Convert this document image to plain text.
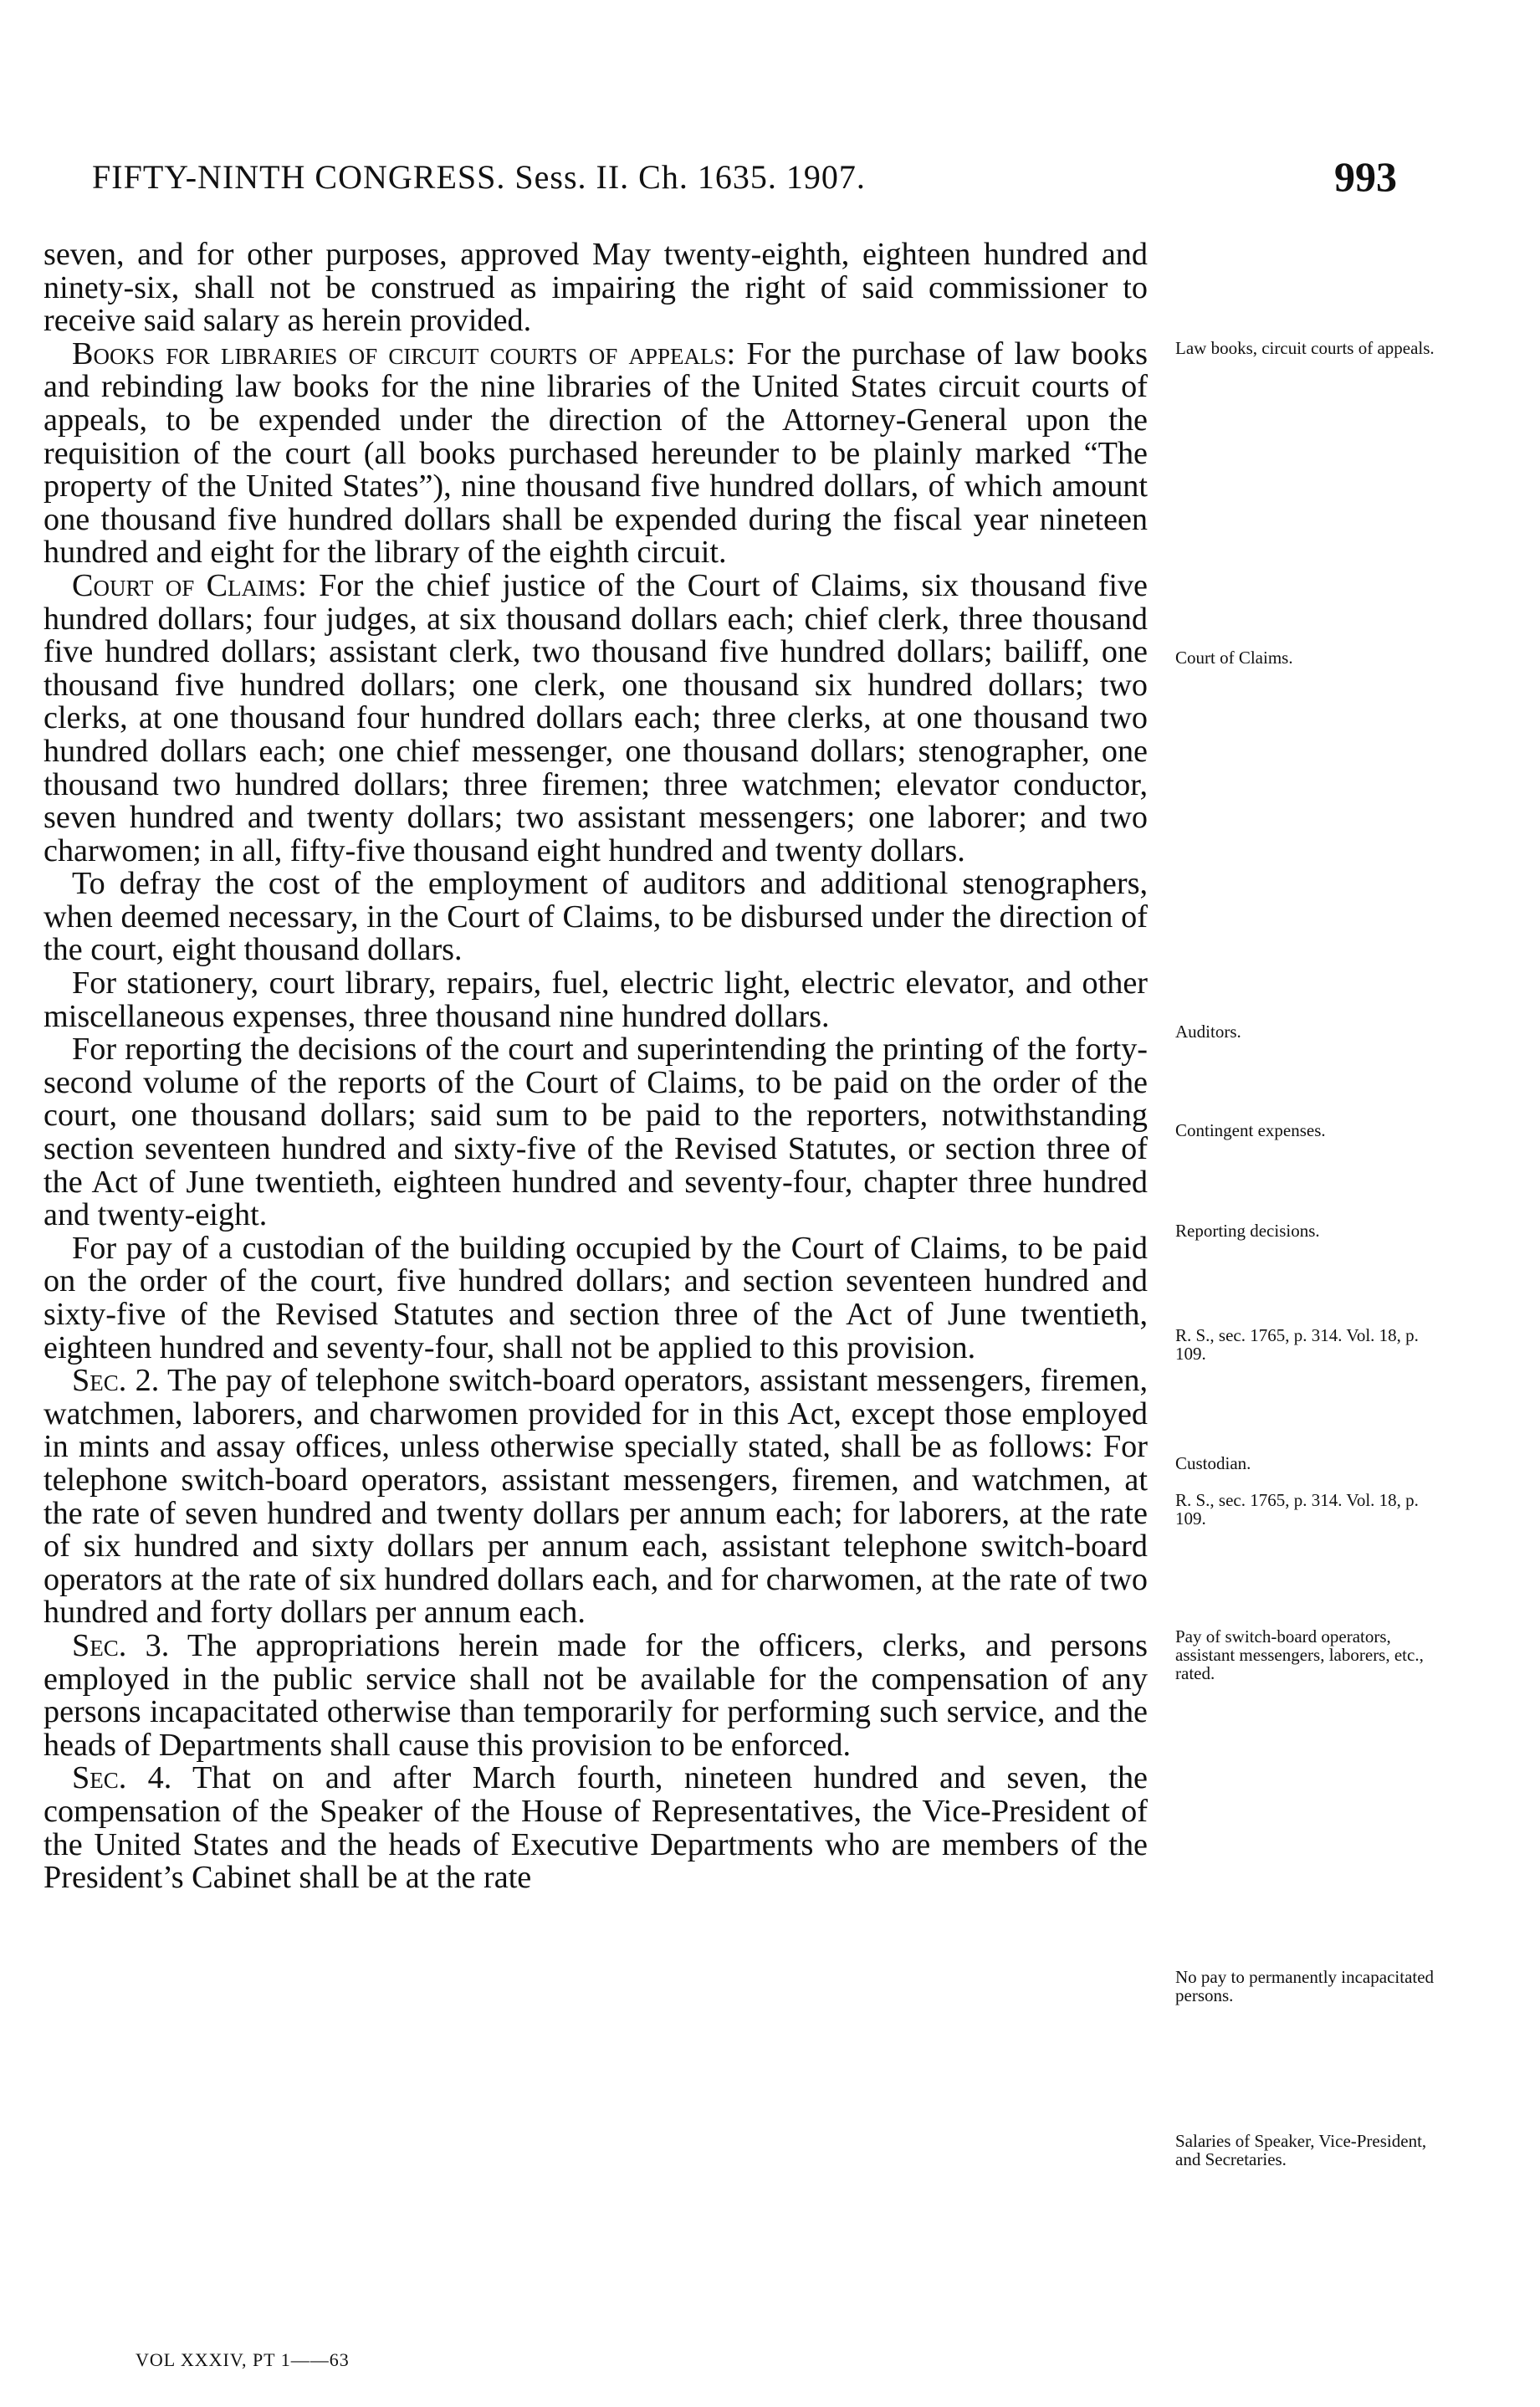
FIFTY-NINTH CONGRESS. Sess. II. Ch. 1635. 1907.	993

seven, and for other purposes, approved May twenty-eighth, eighteen hundred and ninety-six, shall not be construed as impairing the right of said commissioner to receive said salary as herein provided.

Books for libraries of circuit courts of appeals: For the purchase of law books and rebinding law books for the nine libraries of the United States circuit courts of appeals, to be expended under the direction of the Attorney-General upon the requisition of the court (all books purchased hereunder to be plainly marked “The property of the United States”), nine thousand five hundred dollars, of which amount one thousand five hundred dollars shall be expended during the fiscal year nineteen hundred and eight for the library of the eighth circuit.

Court of Claims: For the chief justice of the Court of Claims, six thousand five hundred dollars; four judges, at six thousand dollars each; chief clerk, three thousand five hundred dollars; assistant clerk, two thousand five hundred dollars; bailiff, one thousand five hundred dollars; one clerk, one thousand six hundred dollars; two clerks, at one thousand four hundred dollars each; three clerks, at one thousand two hundred dollars each; one chief messenger, one thousand dollars; stenographer, one thousand two hundred dollars; three firemen; three watchmen; elevator conductor, seven hundred and twenty dollars; two assistant messengers; one laborer; and two charwomen; in all, fifty-five thousand eight hundred and twenty dollars.

To defray the cost of the employment of auditors and additional stenographers, when deemed necessary, in the Court of Claims, to be disbursed under the direction of the court, eight thousand dollars.

For stationery, court library, repairs, fuel, electric light, electric elevator, and other miscellaneous expenses, three thousand nine hundred dollars.

For reporting the decisions of the court and superintending the printing of the forty-second volume of the reports of the Court of Claims, to be paid on the order of the court, one thousand dollars; said sum to be paid to the reporters, notwithstanding section seventeen hundred and sixty-five of the Revised Statutes, or section three of the Act of June twentieth, eighteen hundred and seventy-four, chapter three hundred and twenty-eight.

For pay of a custodian of the building occupied by the Court of Claims, to be paid on the order of the court, five hundred dollars; and section seventeen hundred and sixty-five of the Revised Statutes and section three of the Act of June twentieth, eighteen hundred and seventy-four, shall not be applied to this provision.

Sec. 2. The pay of telephone switch-board operators, assistant messengers, firemen, watchmen, laborers, and charwomen provided for in this Act, except those employed in mints and assay offices, unless otherwise specially stated, shall be as follows: For telephone switch-board operators, assistant messengers, firemen, and watchmen, at the rate of seven hundred and twenty dollars per annum each; for laborers, at the rate of six hundred and sixty dollars per annum each, assistant telephone switch-board operators at the rate of six hundred dollars each, and for charwomen, at the rate of two hundred and forty dollars per annum each.

Sec. 3. The appropriations herein made for the officers, clerks, and persons employed in the public service shall not be available for the compensation of any persons incapacitated otherwise than temporarily for performing such service, and the heads of Departments shall cause this provision to be enforced.

Sec. 4. That on and after March fourth, nineteen hundred and seven, the compensation of the Speaker of the House of Representatives, the Vice-President of the United States and the heads of Executive Departments who are members of the President’s Cabinet shall be at the rate

Law books, circuit courts of appeals.
Court of Claims.
Auditors.
Contingent expenses.
Reporting decisions.
R. S., sec. 1765, p. 314. Vol. 18, p. 109.
Custodian.
R. S., sec. 1765, p. 314. Vol. 18, p. 109.
Pay of switch-board operators, assistant messengers, laborers, etc., rated.
No pay to permanently incapacitated persons.
Salaries of Speaker, Vice-President, and Secretaries.
VOL XXXIV, PT 1——63
